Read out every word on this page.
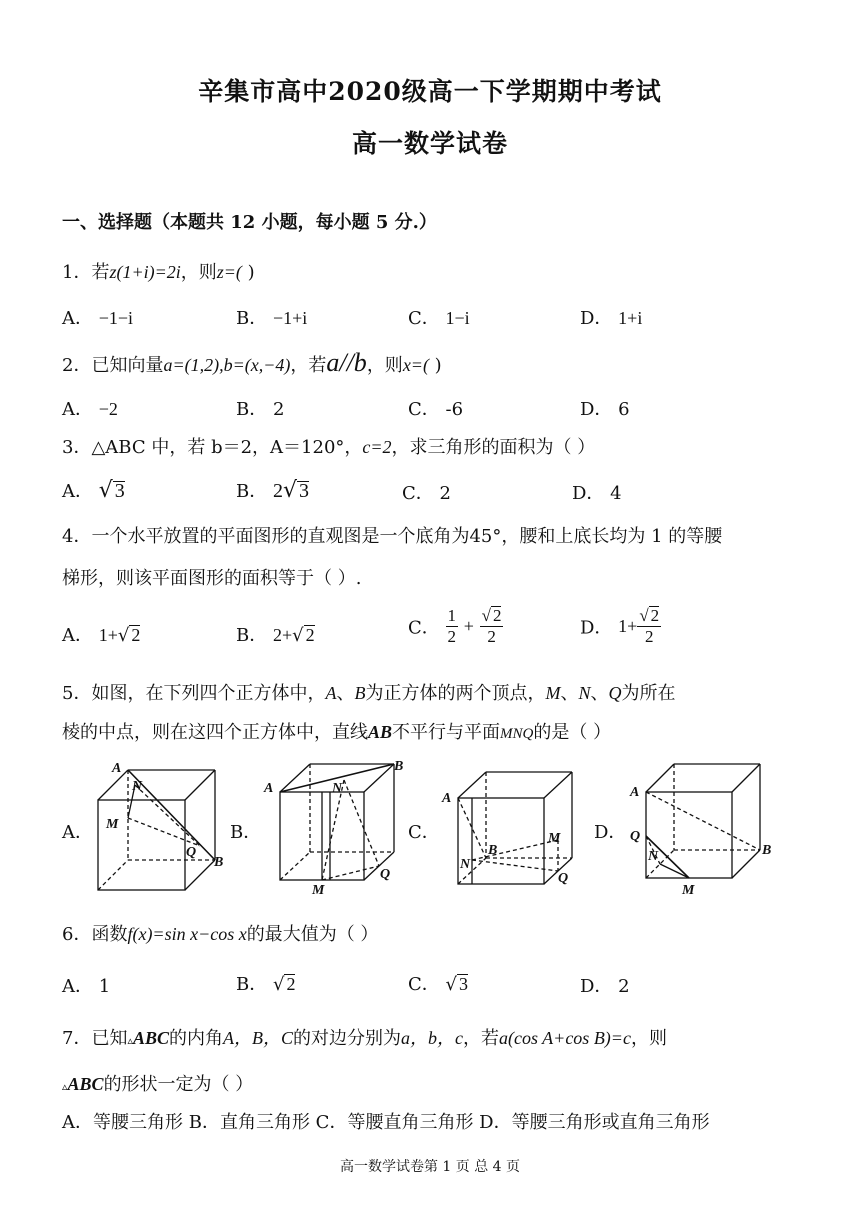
辛集市高中2020级高一下学期期中考试
高一数学试卷
一、选择题（本题共 12 小题，每小题 5 分.）
1．若z(1+i)=2i，则z=( )
A． −1−i	B． −1+i	C． 1−i	D． 1+i
2．已知向量a=(1,2),b=(x,−4)，若a//b，则x=( )
A． −2	B． 2	C． -6	D． 6
3．△ABC 中，若 b＝2，A＝120°，c=2，求三角形的面积为（ ）
A． √ 3	B． 2√ 3	C． 2	D． 4
4．一个水平放置的平面图形的直观图是一个底角为45°，腰和上底长均为 1 的等腰
梯形，则该平面图形的面积等于（ ）.
A． 1+√ 2	B． 2+√ 2	C． $\frac{1}{2} + \frac{√ 2}{2}$	D． $1+ \frac{√ 2}{2}$
5．如图，在下列四个正方体中，A、B为正方体的两个顶点，M、N、Q为所在
棱的中点，则在这四个正方体中，直线AB不平行与平面MNQ的是（ ）
A．	B．	C．	D．
A
N
M
Q
B
A
B
N
Q
M
A
B
M
N
Q
A
Q
N
M
B
6．函数f(x)=sin x−cos x的最大值为（ ）
A． 1	B． √ 2	C． √ 3	D． 2
7．已知▵ABC的内角A，B，C的对边分别为a，b，c，若a(cos A+cos B)=c，则
▵ABC的形状一定为（ ）
A．等腰三角形 B．直角三角形 C．等腰直角三角形 D．等腰三角形或直角三角形
高一数学试卷第 1 页 总 4 页
